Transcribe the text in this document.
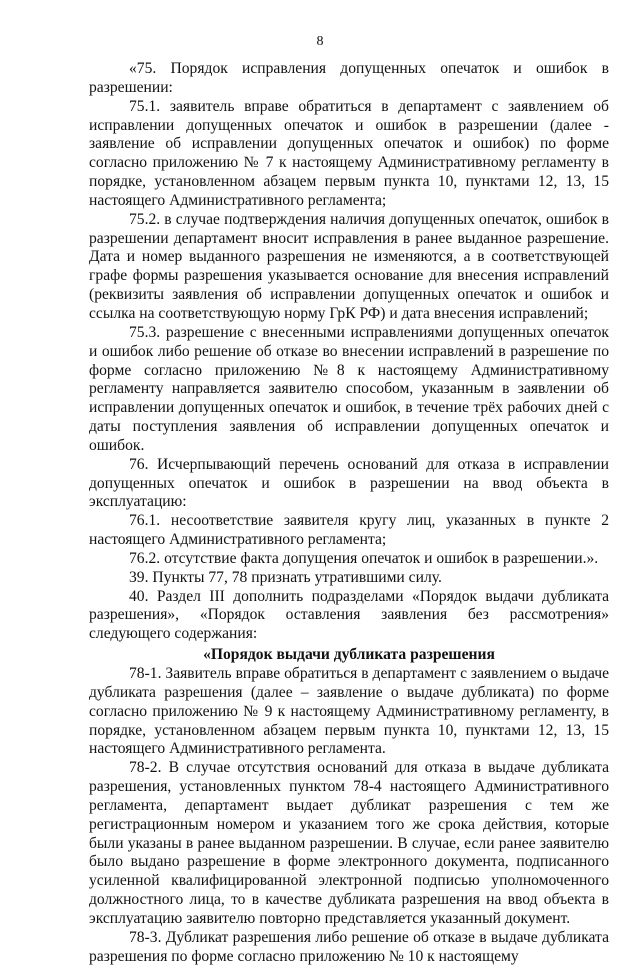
8

«75. Порядок исправления допущенных опечаток и ошибок в разрешении:

75.1. заявитель вправе обратиться в департамент с заявлением об исправлении допущенных опечаток и ошибок в разрешении (далее - заявление об исправлении допущенных опечаток и ошибок) по форме согласно приложению № 7 к настоящему Административному регламенту в порядке, установленном абзацем первым пункта 10, пунктами 12, 13, 15 настоящего Административного регламента;

75.2. в случае подтверждения наличия допущенных опечаток, ошибок в разрешении департамент вносит исправления в ранее выданное разрешение. Дата и номер выданного разрешения не изменяются, а в соответствующей графе формы разрешения указывается основание для внесения исправлений (реквизиты заявления об исправлении допущенных опечаток и ошибок и ссылка на соответствующую норму ГрК РФ) и дата внесения исправлений;

75.3. разрешение с внесенными исправлениями допущенных опечаток и ошибок либо решение об отказе во внесении исправлений в разрешение по форме согласно приложению №8 к настоящему Административному регламенту направляется заявителю способом, указанным в заявлении об исправлении допущенных опечаток и ошибок, в течение трёх рабочих дней с даты поступления заявления об исправлении допущенных опечаток и ошибок.

76. Исчерпывающий перечень оснований для отказа в исправлении допущенных опечаток и ошибок в разрешении на ввод объекта в эксплуатацию:

76.1. несоответствие заявителя кругу лиц, указанных в пункте 2 настоящего Административного регламента;

76.2. отсутствие факта допущения опечаток и ошибок в разрешении.».

39. Пункты 77, 78 признать утратившими силу.

40. Раздел III дополнить подразделами «Порядок выдачи дубликата разрешения», «Порядок оставления заявления без рассмотрения» следующего содержания:

«Порядок выдачи дубликата разрешения

78-1. Заявитель вправе обратиться в департамент с заявлением о выдаче дубликата разрешения (далее – заявление о выдаче дубликата) по форме согласно приложению № 9 к настоящему Административному регламенту, в порядке, установленном абзацем первым пункта 10, пунктами 12, 13, 15 настоящего Административного регламента.

78-2. В случае отсутствия оснований для отказа в выдаче дубликата разрешения, установленных пунктом 78-4 настоящего Административного регламента, департамент выдает дубликат разрешения с тем же регистрационным номером и указанием того же срока действия, которые были указаны в ранее выданном разрешении. В случае, если ранее заявителю было выдано разрешение в форме электронного документа, подписанного усиленной квалифицированной электронной подписью уполномоченного должностного лица, то в качестве дубликата разрешения на ввод объекта в эксплуатацию заявителю повторно представляется указанный документ.

78-3. Дубликат разрешения либо решение об отказе в выдаче дубликата разрешения по форме согласно приложению № 10 к настоящему
